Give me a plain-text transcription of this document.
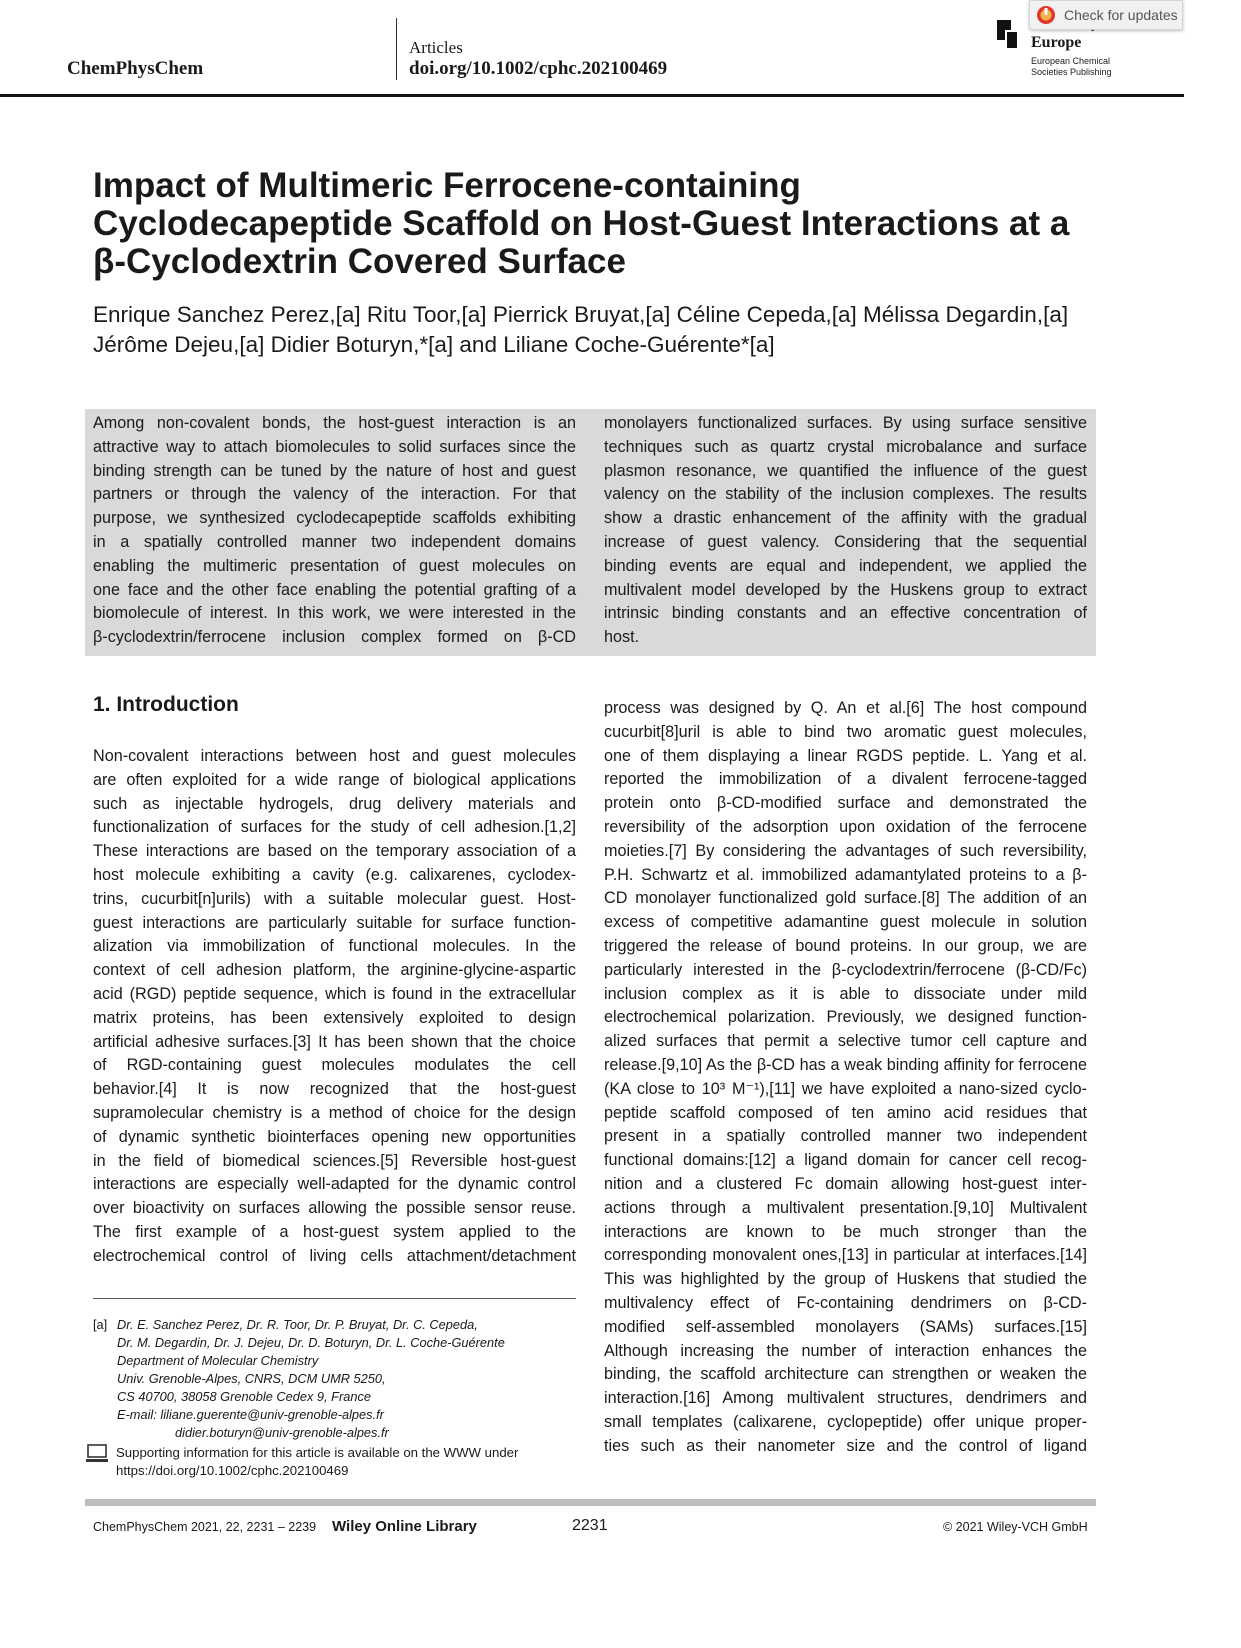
ChemPhysChem
Articles
doi.org/10.1002/cphc.202100469
Europe
European Chemical
Societies Publishing
Check for updates
Impact of Multimeric Ferrocene-containing
Cyclodecapeptide Scaffold on Host-Guest Interactions at a
β-Cyclodextrin Covered Surface
Enrique Sanchez Perez,[a] Ritu Toor,[a] Pierrick Bruyat,[a] Céline Cepeda,[a] Mélissa Degardin,[a]
Jérôme Dejeu,[a] Didier Boturyn,*[a] and Liliane Coche-Guérente*[a]
Among non-covalent bonds, the host-guest interaction is an
attractive way to attach biomolecules to solid surfaces since the
binding strength can be tuned by the nature of host and guest
partners or through the valency of the interaction. For that
purpose, we synthesized cyclodecapeptide scaffolds exhibiting
in a spatially controlled manner two independent domains
enabling the multimeric presentation of guest molecules on
one face and the other face enabling the potential grafting of a
biomolecule of interest. In this work, we were interested in the
β-cyclodextrin/ferrocene inclusion complex formed on β-CD
monolayers functionalized surfaces. By using surface sensitive
techniques such as quartz crystal microbalance and surface
plasmon resonance, we quantified the influence of the guest
valency on the stability of the inclusion complexes. The results
show a drastic enhancement of the affinity with the gradual
increase of guest valency. Considering that the sequential
binding events are equal and independent, we applied the
multivalent model developed by the Huskens group to extract
intrinsic binding constants and an effective concentration of
host.
1. Introduction
Non-covalent interactions between host and guest molecules
are often exploited for a wide range of biological applications
such as injectable hydrogels, drug delivery materials and
functionalization of surfaces for the study of cell adhesion.[1,2]
These interactions are based on the temporary association of a
host molecule exhibiting a cavity (e.g. calixarenes, cyclodex-
trins, cucurbit[n]urils) with a suitable molecular guest. Host-
guest interactions are particularly suitable for surface function-
alization via immobilization of functional molecules. In the
context of cell adhesion platform, the arginine-glycine-aspartic
acid (RGD) peptide sequence, which is found in the extracellular
matrix proteins, has been extensively exploited to design
artificial adhesive surfaces.[3] It has been shown that the choice
of RGD-containing guest molecules modulates the cell
behavior.[4] It is now recognized that the host-guest
supramolecular chemistry is a method of choice for the design
of dynamic synthetic biointerfaces opening new opportunities
in the field of biomedical sciences.[5] Reversible host-guest
interactions are especially well-adapted for the dynamic control
over bioactivity on surfaces allowing the possible sensor reuse.
The first example of a host-guest system applied to the
electrochemical control of living cells attachment/detachment
process was designed by Q. An et al.[6] The host compound
cucurbit[8]uril is able to bind two aromatic guest molecules,
one of them displaying a linear RGDS peptide. L. Yang et al.
reported the immobilization of a divalent ferrocene-tagged
protein onto β-CD-modified surface and demonstrated the
reversibility of the adsorption upon oxidation of the ferrocene
moieties.[7] By considering the advantages of such reversibility,
P.H. Schwartz et al. immobilized adamantylated proteins to a β-
CD monolayer functionalized gold surface.[8] The addition of an
excess of competitive adamantine guest molecule in solution
triggered the release of bound proteins. In our group, we are
particularly interested in the β-cyclodextrin/ferrocene (β-CD/Fc)
inclusion complex as it is able to dissociate under mild
electrochemical polarization. Previously, we designed function-
alized surfaces that permit a selective tumor cell capture and
release.[9,10] As the β-CD has a weak binding affinity for ferrocene
(KA close to 10³ M⁻¹),[11] we have exploited a nano-sized cyclo-
peptide scaffold composed of ten amino acid residues that
present in a spatially controlled manner two independent
functional domains:[12] a ligand domain for cancer cell recog-
nition and a clustered Fc domain allowing host-guest inter-
actions through a multivalent presentation.[9,10] Multivalent
interactions are known to be much stronger than the
corresponding monovalent ones,[13] in particular at interfaces.[14]
This was highlighted by the group of Huskens that studied the
multivalency effect of Fc-containing dendrimers on β-CD-
modified self-assembled monolayers (SAMs) surfaces.[15]
Although increasing the number of interaction enhances the
binding, the scaffold architecture can strengthen or weaken the
interaction.[16] Among multivalent structures, dendrimers and
small templates (calixarene, cyclopeptide) offer unique proper-
ties such as their nanometer size and the control of ligand
[a] Dr. E. Sanchez Perez, Dr. R. Toor, Dr. P. Bruyat, Dr. C. Cepeda,
Dr. M. Degardin, Dr. J. Dejeu, Dr. D. Boturyn, Dr. L. Coche-Guérente
Department of Molecular Chemistry
Univ. Grenoble-Alpes, CNRS, DCM UMR 5250,
CS 40700, 38058 Grenoble Cedex 9, France
E-mail: liliane.guerente@univ-grenoble-alpes.fr
didier.boturyn@univ-grenoble-alpes.fr
Supporting information for this article is available on the WWW under
https://doi.org/10.1002/cphc.202100469
ChemPhysChem 2021, 22, 2231 – 2239 Wiley Online Library	2231	© 2021 Wiley-VCH GmbH
